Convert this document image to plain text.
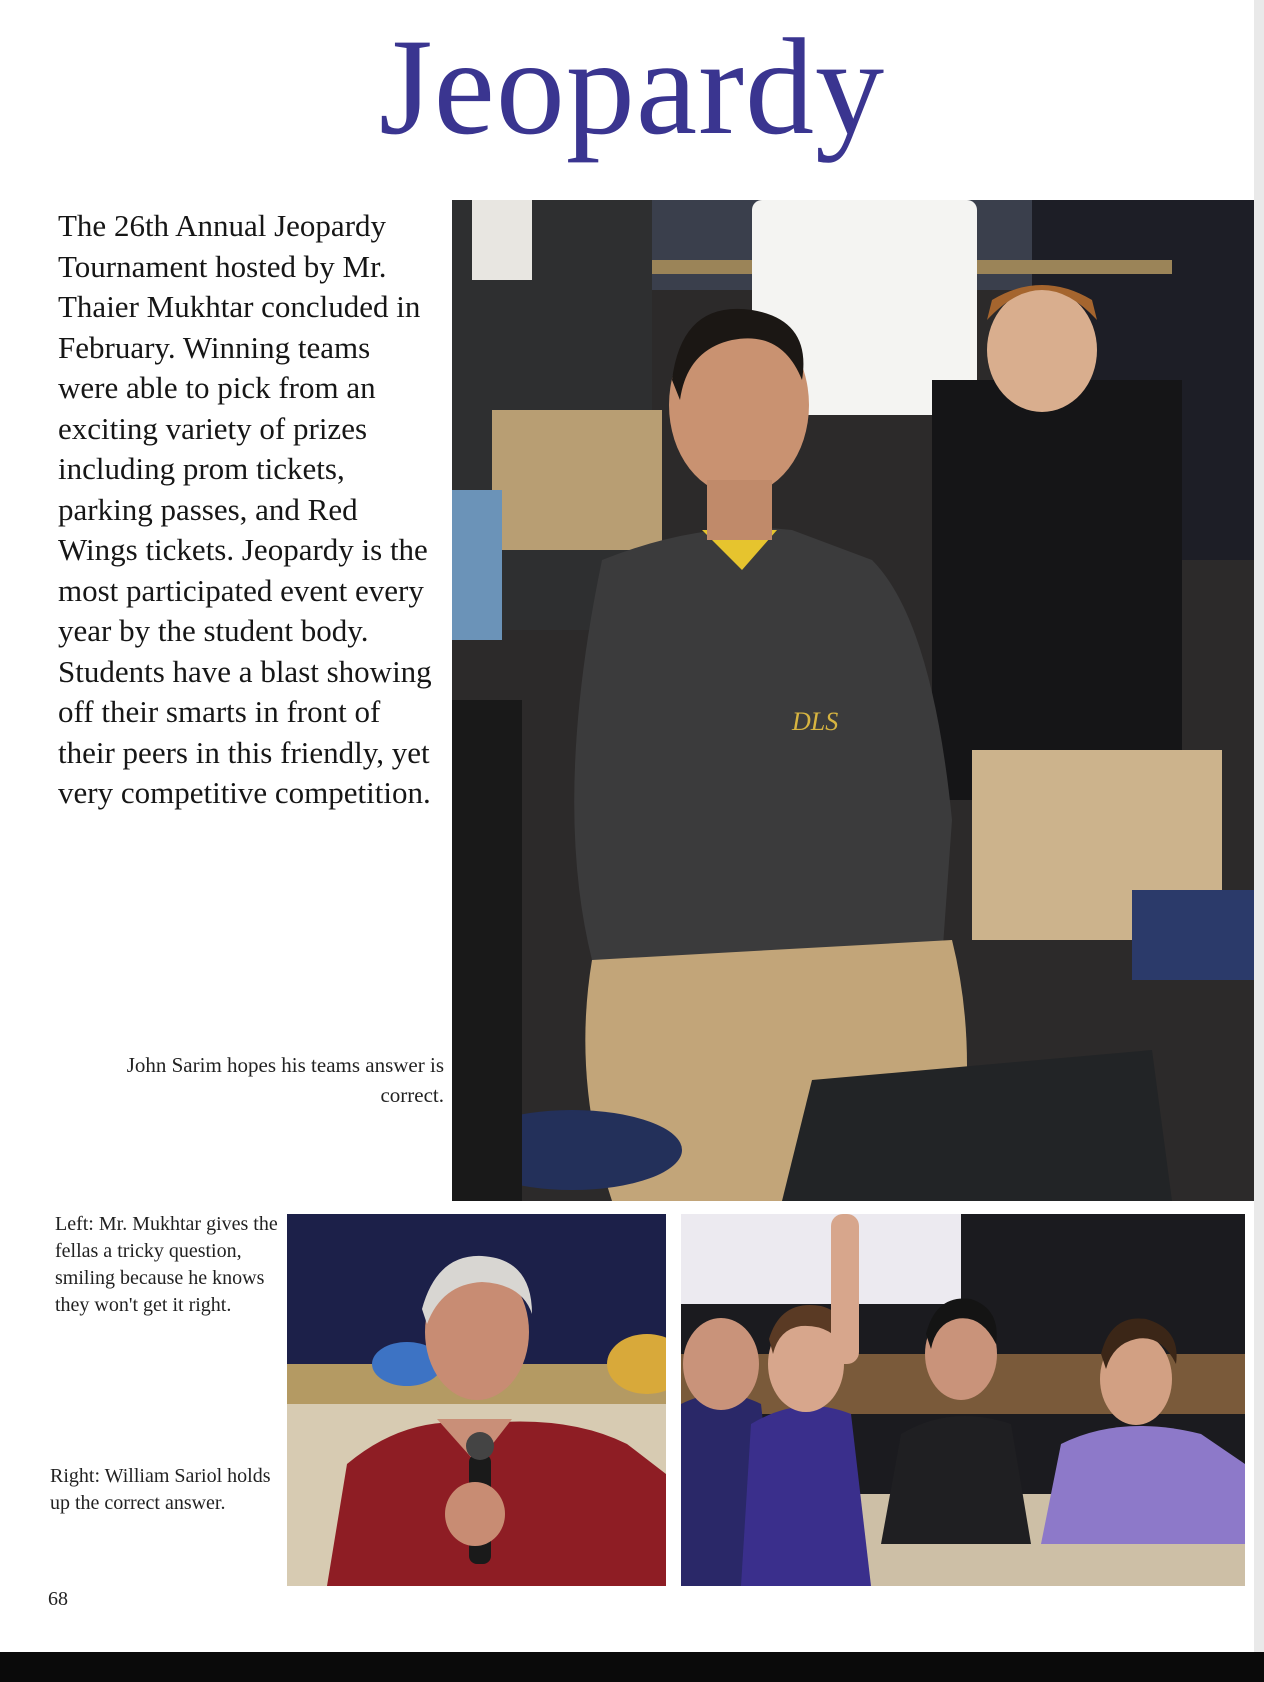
Jeopardy
The 26th Annual Jeopardy Tournament hosted by Mr. Thaier Mukhtar concluded in February. Winning teams were able to pick from an exciting variety of prizes including prom tickets, parking passes, and Red Wings tickets. Jeopardy is the most participated event every year by the student body. Students have a blast showing off their smarts in front of their peers in this friendly, yet very competitive competition.
DLS
John Sarim hopes his teams answer is correct.
Left: Mr. Mukhtar gives the fellas a tricky question, smiling because he knows they won't get it right.
Right: William Sariol holds up the correct answer.
68
